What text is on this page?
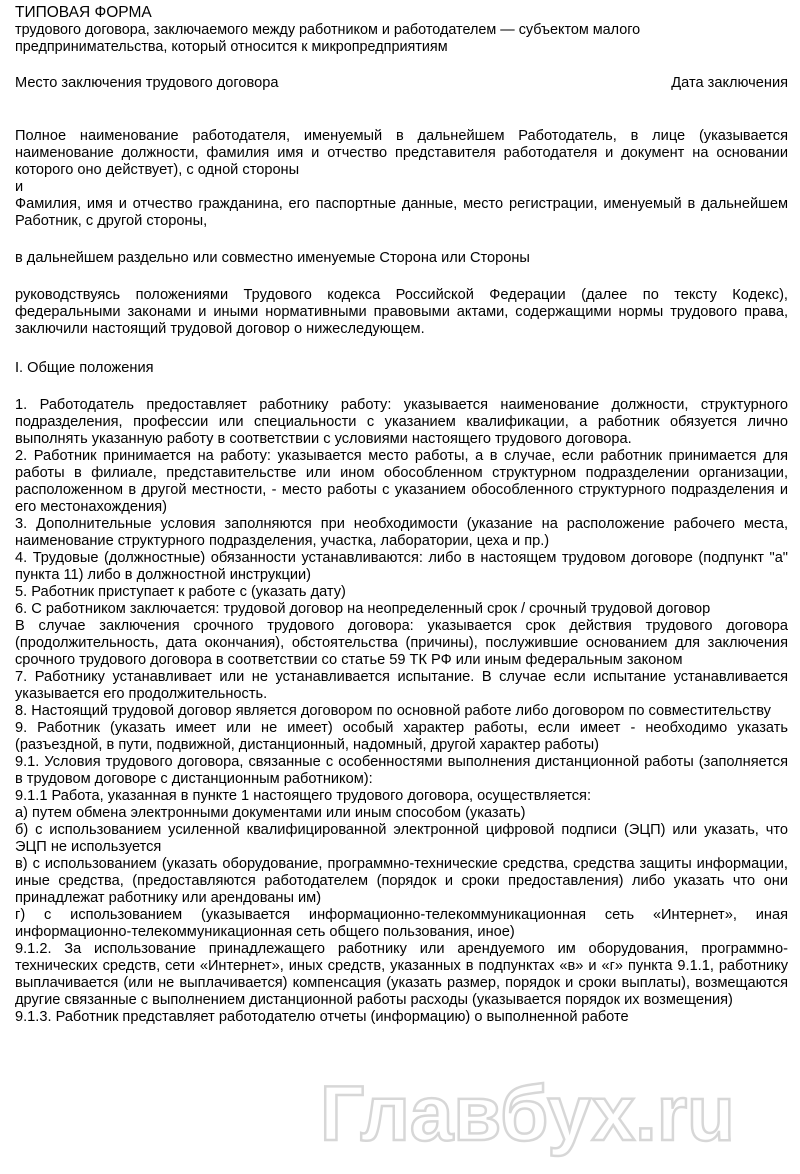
ТИПОВАЯ ФОРМА

трудового договора, заключаемого между работником и работодателем — субъектом малого

предпринимательства, который относится к микропредприятиям

Место заключения трудового договора	Дата заключения

Полное наименование работодателя, именуемый в дальнейшем Работодатель, в лице (указывается наименование должности, фамилия имя и отчество представителя работодателя и документ на основании которого оно действует), с одной стороны

и

Фамилия, имя и отчество гражданина, его паспортные данные, место регистрации, именуемый в дальнейшем Работник, с другой стороны,

в дальнейшем раздельно или совместно именуемые Сторона или Стороны

руководствуясь положениями Трудового кодекса Российской Федерации (далее по тексту Кодекс), федеральными законами и иными нормативными правовыми актами, содержащими нормы трудового права, заключили настоящий трудовой договор о нижеследующем.

I. Общие положения

1. Работодатель предоставляет работнику работу: указывается наименование должности, структурного подразделения, профессии или специальности с указанием квалификации, а работник обязуется лично выполнять указанную работу в соответствии с условиями настоящего трудового договора.

2. Работник принимается на работу: указывается место работы, а в случае, если работник принимается для работы в филиале, представительстве или ином обособленном структурном подразделении организации, расположенном в другой местности, - место работы с указанием обособленного структурного подразделения и его местонахождения)

3. Дополнительные условия заполняются при необходимости (указание на расположение рабочего места, наименование структурного подразделения, участка, лаборатории, цеха и пр.)

4. Трудовые (должностные) обязанности устанавливаются: либо в настоящем трудовом договоре (подпункт "а" пункта 11) либо в должностной инструкции)

5. Работник приступает к работе с (указать дату)

6. С работником заключается: трудовой договор на неопределенный срок / срочный трудовой договор

В случае заключения срочного трудового договора: указывается срок действия трудового договора (продолжительность, дата окончания), обстоятельства (причины), послужившие основанием для заключения срочного трудового договора в соответствии со статье 59 ТК РФ или иным федеральным законом

7. Работнику устанавливает или не устанавливается испытание. В случае если испытание устанавливается указывается его продолжительность.

8. Настоящий трудовой договор является договором по основной работе либо договором по совместительству

9. Работник (указать имеет или не имеет) особый характер работы, если имеет - необходимо указать (разъездной, в пути, подвижной, дистанционный, надомный, другой характер работы)

9.1. Условия трудового договора, связанные с особенностями выполнения дистанционной работы (заполняется в трудовом договоре с дистанционным работником):

9.1.1 Работа, указанная в пункте 1 настоящего трудового договора, осуществляется:

а) путем обмена электронными документами или иным способом (указать)

б) с использованием усиленной квалифицированной электронной цифровой подписи (ЭЦП) или указать, что ЭЦП не используется

в) с использованием (указать оборудование, программно-технические средства, средства защиты информации, иные средства, (предоставляются работодателем (порядок и сроки предоставления) либо указать что они принадлежат работнику или арендованы им)

г) с использованием (указывается информационно-телекоммуникационная сеть «Интернет», иная информационно-телекоммуникационная сеть общего пользования, иное)

9.1.2. За использование принадлежащего работнику или арендуемого им оборудования, программно-технических средств, сети «Интернет», иных средств, указанных в подпунктах «в» и «г» пункта 9.1.1, работнику выплачивается (или не выплачивается) компенсация (указать размер, порядок и сроки выплаты), возмещаются другие связанные с выполнением дистанционной работы расходы (указывается порядок их возмещения)

9.1.3. Работник представляет работодателю отчеты (информацию) о выполненной работе

Главбух.ru
